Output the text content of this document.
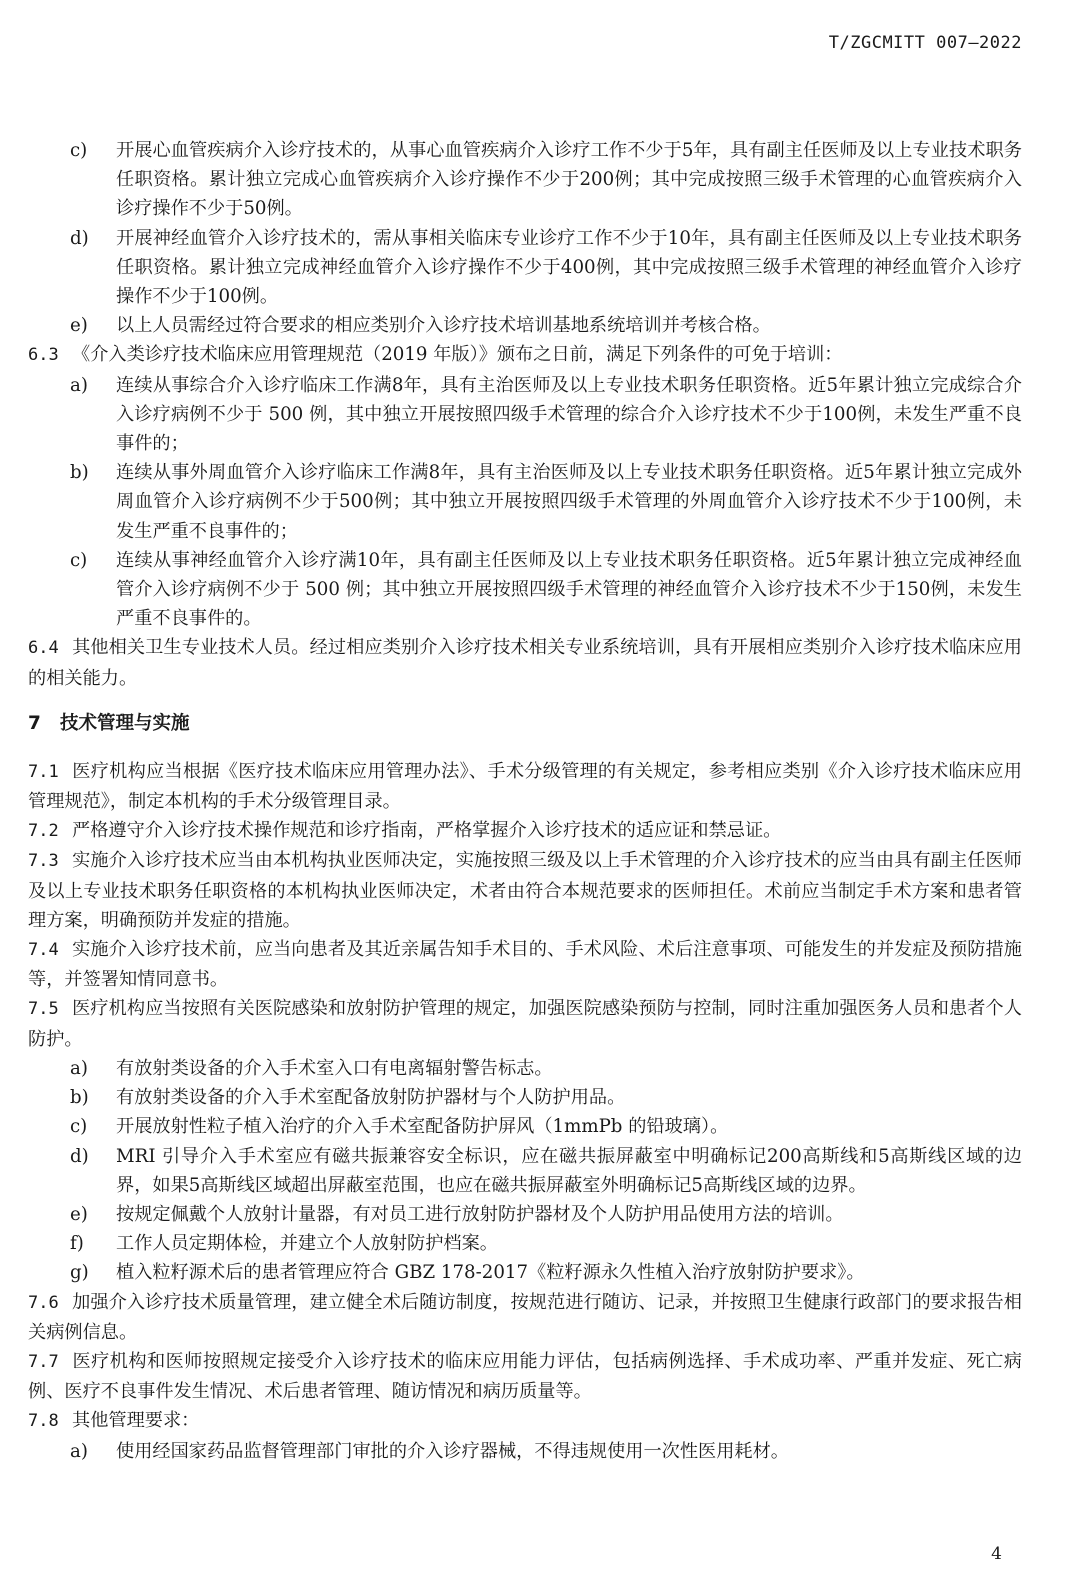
T/ZGCMITT 007—2022
c) 开展心血管疾病介入诊疗技术的，从事心血管疾病介入诊疗工作不少于5年，具有副主任医师及以上专业技术职务任职资格。累计独立完成心血管疾病介入诊疗操作不少于200例；其中完成按照三级手术管理的心血管疾病介入诊疗操作不少于50例。
d) 开展神经血管介入诊疗技术的，需从事相关临床专业诊疗工作不少于10年，具有副主任医师及以上专业技术职务任职资格。累计独立完成神经血管介入诊疗操作不少于400例，其中完成按照三级手术管理的神经血管介入诊疗操作不少于100例。
e) 以上人员需经过符合要求的相应类别介入诊疗技术培训基地系统培训并考核合格。
6.3 《介入类诊疗技术临床应用管理规范（2019 年版）》颁布之日前，满足下列条件的可免于培训：
a) 连续从事综合介入诊疗临床工作满8年，具有主治医师及以上专业技术职务任职资格。近5年累计独立完成综合介入诊疗病例不少于 500 例，其中独立开展按照四级手术管理的综合介入诊疗技术不少于100例，未发生严重不良事件的；
b) 连续从事外周血管介入诊疗临床工作满8年，具有主治医师及以上专业技术职务任职资格。近5年累计独立完成外周血管介入诊疗病例不少于500例；其中独立开展按照四级手术管理的外周血管介入诊疗技术不少于100例，未发生严重不良事件的；
c) 连续从事神经血管介入诊疗满10年，具有副主任医师及以上专业技术职务任职资格。近5年累计独立完成神经血管介入诊疗病例不少于 500 例；其中独立开展按照四级手术管理的神经血管介入诊疗技术不少于150例，未发生严重不良事件的。
6.4 其他相关卫生专业技术人员。经过相应类别介入诊疗技术相关专业系统培训，具有开展相应类别介入诊疗技术临床应用的相关能力。
7 技术管理与实施
7.1 医疗机构应当根据《医疗技术临床应用管理办法》、手术分级管理的有关规定，参考相应类别《介入诊疗技术临床应用管理规范》，制定本机构的手术分级管理目录。
7.2 严格遵守介入诊疗技术操作规范和诊疗指南，严格掌握介入诊疗技术的适应证和禁忌证。
7.3 实施介入诊疗技术应当由本机构执业医师决定，实施按照三级及以上手术管理的介入诊疗技术的应当由具有副主任医师及以上专业技术职务任职资格的本机构执业医师决定，术者由符合本规范要求的医师担任。术前应当制定手术方案和患者管理方案，明确预防并发症的措施。
7.4 实施介入诊疗技术前，应当向患者及其近亲属告知手术目的、手术风险、术后注意事项、可能发生的并发症及预防措施等，并签署知情同意书。
7.5 医疗机构应当按照有关医院感染和放射防护管理的规定，加强医院感染预防与控制，同时注重加强医务人员和患者个人防护。
a) 有放射类设备的介入手术室入口有电离辐射警告标志。
b) 有放射类设备的介入手术室配备放射防护器材与个人防护用品。
c) 开展放射性粒子植入治疗的介入手术室配备防护屏风（1mmPb 的铅玻璃）。
d) MRI 引导介入手术室应有磁共振兼容安全标识，应在磁共振屏蔽室中明确标记200高斯线和5高斯线区域的边界，如果5高斯线区域超出屏蔽室范围，也应在磁共振屏蔽室外明确标记5高斯线区域的边界。
e) 按规定佩戴个人放射计量器，有对员工进行放射防护器材及个人防护用品使用方法的培训。
f) 工作人员定期体检，并建立个人放射防护档案。
g) 植入粒籽源术后的患者管理应符合 GBZ 178-2017《粒籽源永久性植入治疗放射防护要求》。
7.6 加强介入诊疗技术质量管理，建立健全术后随访制度，按规范进行随访、记录，并按照卫生健康行政部门的要求报告相关病例信息。
7.7 医疗机构和医师按照规定接受介入诊疗技术的临床应用能力评估，包括病例选择、手术成功率、严重并发症、死亡病例、医疗不良事件发生情况、术后患者管理、随访情况和病历质量等。
7.8 其他管理要求：
a) 使用经国家药品监督管理部门审批的介入诊疗器械，不得违规使用一次性医用耗材。
4
